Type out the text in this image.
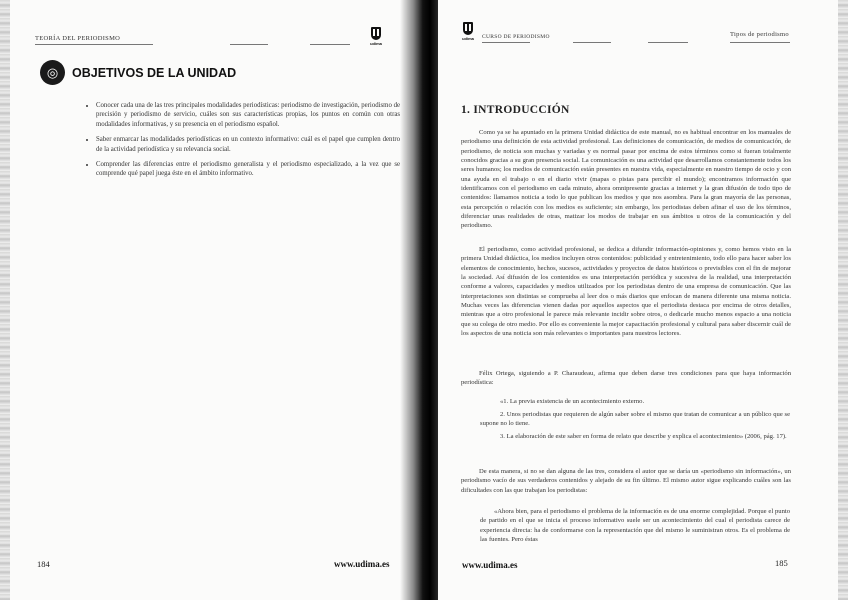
TEORÍA DEL PERIODISMO
udima
◎	OBJETIVOS DE LA UNIDAD
• Conocer cada una de las tres principales modalidades periodísticas: periodismo de investigación, periodismo de precisión y periodismo de servicio, cuáles son sus características propias, los puntos en común con otras modalidades informativas, y su presencia en el periodismo español.
• Saber enmarcar las modalidades periodísticas en un contexto informativo: cuál es el papel que cumplen dentro de la actividad periodística y su relevancia social.
• Comprender las diferencias entre el periodismo generalista y el periodismo especializado, a la vez que se comprende qué papel juega éste en el ámbito informativo.
184	www.udima.es
udima CURSO DE PERIODISMO	Tipos de periodismo
1. INTRODUCCIÓN

Como ya se ha apuntado en la primera Unidad didáctica de este manual, no es habitual encontrar en los manuales de periodismo una definición de esta actividad profesional. Las definiciones de comunicación, de medios de comunicación, de periodismo, de noticia son muchas y variadas y es normal pasar por encima de estos términos como si fueran totalmente conocidos gracias a su gran presencia social. La comunicación es una actividad que desarrollamos constantemente todos los seres humanos; los medios de comunicación están presentes en nuestra vida, especialmente en nuestro tiempo de ocio y con una ayuda en el trabajo o en el diario vivir (mapas o pistas para percibir el mundo); encontramos información que identificamos con el periodismo en cada minuto, ahora omnipresente gracias a internet y la gran difusión de todo tipo de contenidos: llamamos noticia a todo lo que publican los medios y que nos asombra. Para la gran mayoría de las personas, esta percepción o relación con los medios es suficiente; sin embargo, los periodistas deben afinar el uso de los términos, diferenciar unas realidades de otras, matizar los modos de trabajar en sus ámbitos u otros de la comunicación y del periodismo.

El periodismo, como actividad profesional, se dedica a difundir información-opiniones y, como hemos visto en la primera Unidad didáctica, los medios incluyen otros contenidos: publicidad y entretenimiento, todo ello para hacer saber los elementos de conocimiento, hechos, sucesos, actividades y proyectos de datos históricos o previsibles con el fin de mejorar la sociedad. Así difusión de los contenidos es una interpretación periódica y sucesiva de la realidad, una interpretación conforme a valores, capacidades y medios utilizados por los periodistas dentro de una empresa de comunicación. Que las interpretaciones son distintas se comprueba al leer dos o más diarios que enfocan de manera diferente una misma noticia. Muchas veces las diferencias vienen dadas por aquellos aspectos que el periodista destaca por encima de otros detalles, mientras que a otro profesional le parece más relevante incidir sobre otros, o dedicarle mucho menos espacio a una noticia que su colega de otro medio. Por ello es conveniente la mejor capacitación profesional y cultural para saber discernir cuál de los aspectos de una noticia son más relevantes o importantes para nuestros lectores.

Félix Ortega, siguiendo a P. Charaudeau, afirma que deben darse tres condiciones para que haya información periodística:

«1. La previa existencia de un acontecimiento externo.

2. Unos periodistas que requieren de algún saber sobre el mismo que tratan de comunicar a un público que se supone no lo tiene.

3. La elaboración de este saber en forma de relato que describe y explica el acontecimiento» (2006, pág. 17).

De esta manera, si no se dan alguna de las tres, considera el autor que se daría un «periodismo sin información», un periodismo vacío de sus verdaderos contenidos y alejado de su fin último. El mismo autor sigue explicando cuáles son las dificultades con las que trabajan los periodistas:

«Ahora bien, para el periodismo el problema de la información es de una enorme complejidad. Porque el punto de partido en el que se inicia el proceso informativo suele ser un acontecimiento del cual el periodista carece de experiencia directa: ha de conformarse con la representación que del mismo le suministran otros. Es el problema de las fuentes. Pero éstas

www.udima.es	185
